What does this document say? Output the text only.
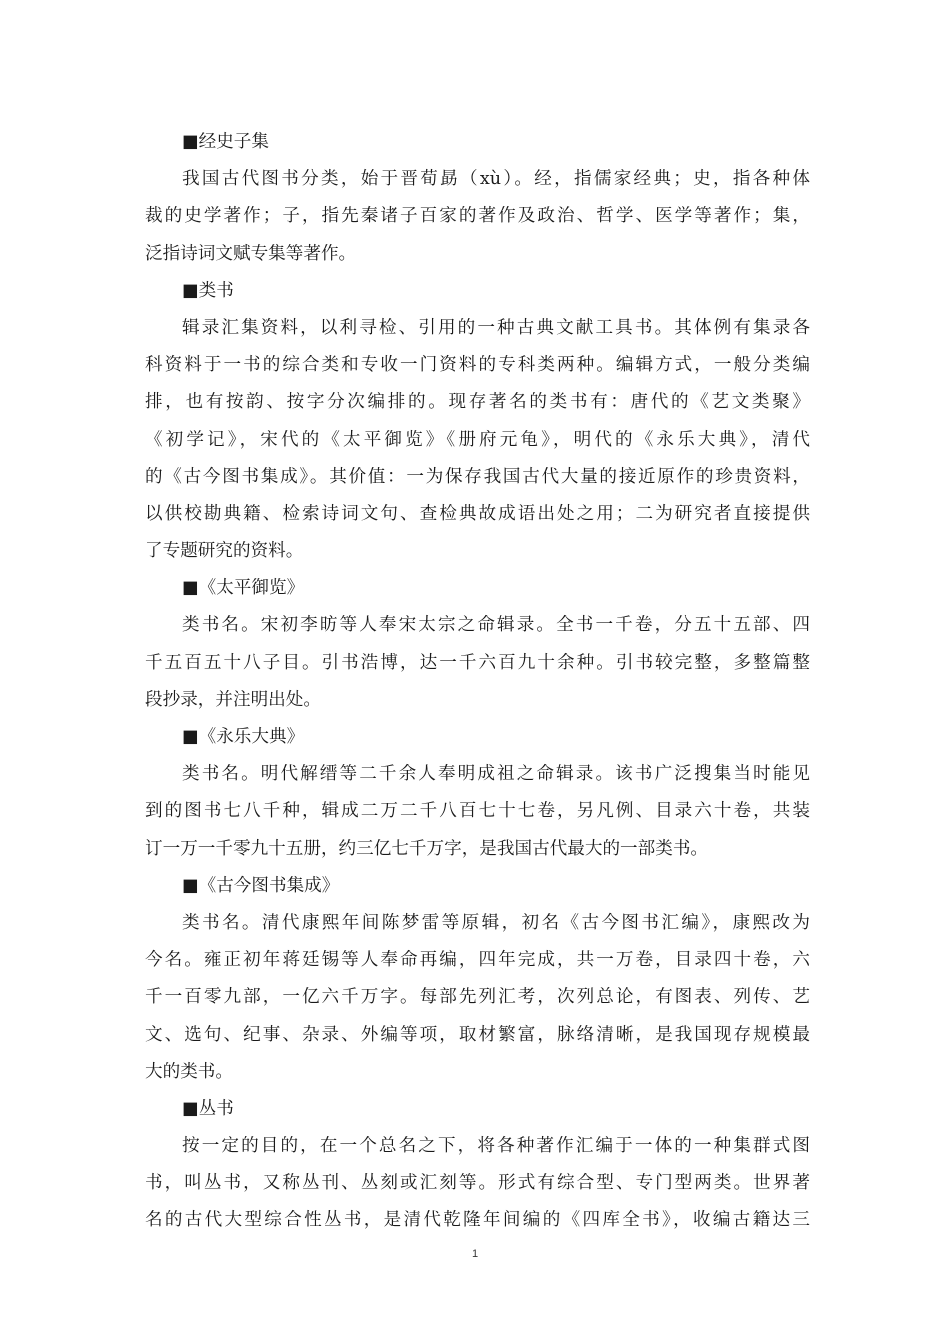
■经史子集

我国古代图书分类，始于晋荀勗（xù）。经，指儒家经典；史，指各种体

裁的史学著作；子，指先秦诸子百家的著作及政治、哲学、医学等著作；集，

泛指诗词文赋专集等著作。

■类书

辑录汇集资料，以利寻检、引用的一种古典文献工具书。其体例有集录各

科资料于一书的综合类和专收一门资料的专科类两种。编辑方式，一般分类编

排，也有按韵、按字分次编排的。现存著名的类书有：唐代的《艺文类聚》

《初学记》，宋代的《太平御览》《册府元龟》，明代的《永乐大典》，清代

的《古今图书集成》。其价值：一为保存我国古代大量的接近原作的珍贵资料，

以供校勘典籍、检索诗词文句、查检典故成语出处之用；二为研究者直接提供

了专题研究的资料。

■《太平御览》

类书名。宋初李昉等人奉宋太宗之命辑录。全书一千卷，分五十五部、四

千五百五十八子目。引书浩博，达一千六百九十余种。引书较完整，多整篇整

段抄录，并注明出处。

■《永乐大典》

类书名。明代解缙等二千余人奉明成祖之命辑录。该书广泛搜集当时能见

到的图书七八千种，辑成二万二千八百七十七卷，另凡例、目录六十卷，共装

订一万一千零九十五册，约三亿七千万字，是我国古代最大的一部类书。

■《古今图书集成》

类书名。清代康熙年间陈梦雷等原辑，初名《古今图书汇编》，康熙改为

今名。雍正初年蒋廷锡等人奉命再编，四年完成，共一万卷，目录四十卷，六

千一百零九部，一亿六千万字。每部先列汇考，次列总论，有图表、列传、艺

文、选句、纪事、杂录、外编等项，取材繁富，脉络清晰，是我国现存规模最

大的类书。

■丛书

按一定的目的，在一个总名之下，将各种著作汇编于一体的一种集群式图

书，叫丛书，又称丛刊、丛刻或汇刻等。形式有综合型、专门型两类。世界著

名的古代大型综合性丛书，是清代乾隆年间编的《四库全书》，收编古籍达三

1
